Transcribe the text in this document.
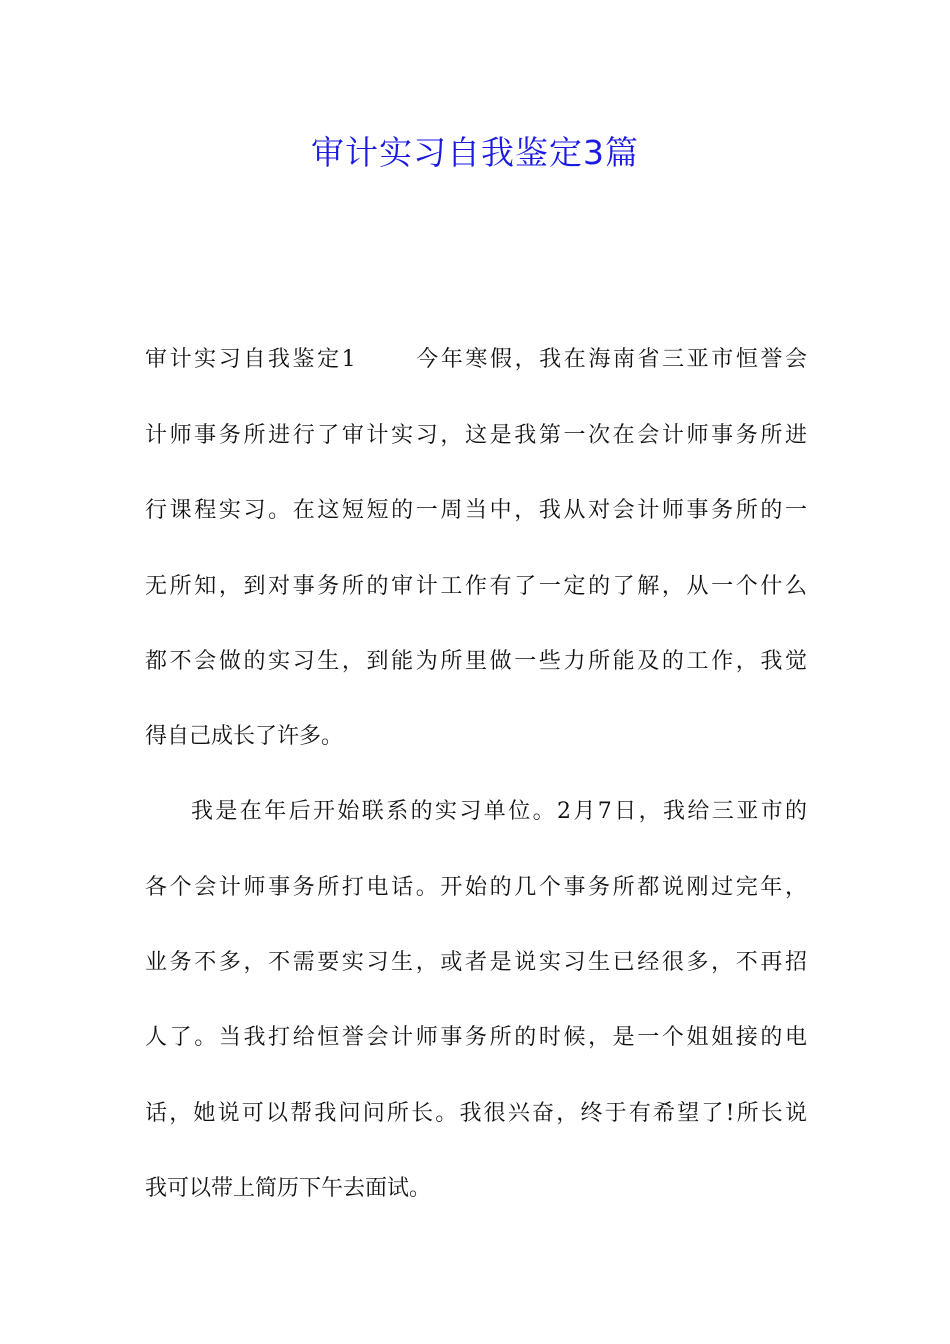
审计实习自我鉴定3篇
审计实习自我鉴定1	今年寒假，我在海南省三亚市恒誉会
计师事务所进行了审计实习，这是我第一次在会计师事务所进
行课程实习。在这短短的一周当中，我从对会计师事务所的一
无所知，到对事务所的审计工作有了一定的了解，从一个什么
都不会做的实习生，到能为所里做一些力所能及的工作，我觉
得自己成长了许多。
我是在年后开始联系的实习单位。2月7日，我给三亚市的
各个会计师事务所打电话。开始的几个事务所都说刚过完年，
业务不多，不需要实习生，或者是说实习生已经很多，不再招
人了。当我打给恒誉会计师事务所的时候，是一个姐姐接的电
话，她说可以帮我问问所长。我很兴奋，终于有希望了!所长说
我可以带上简历下午去面试。
